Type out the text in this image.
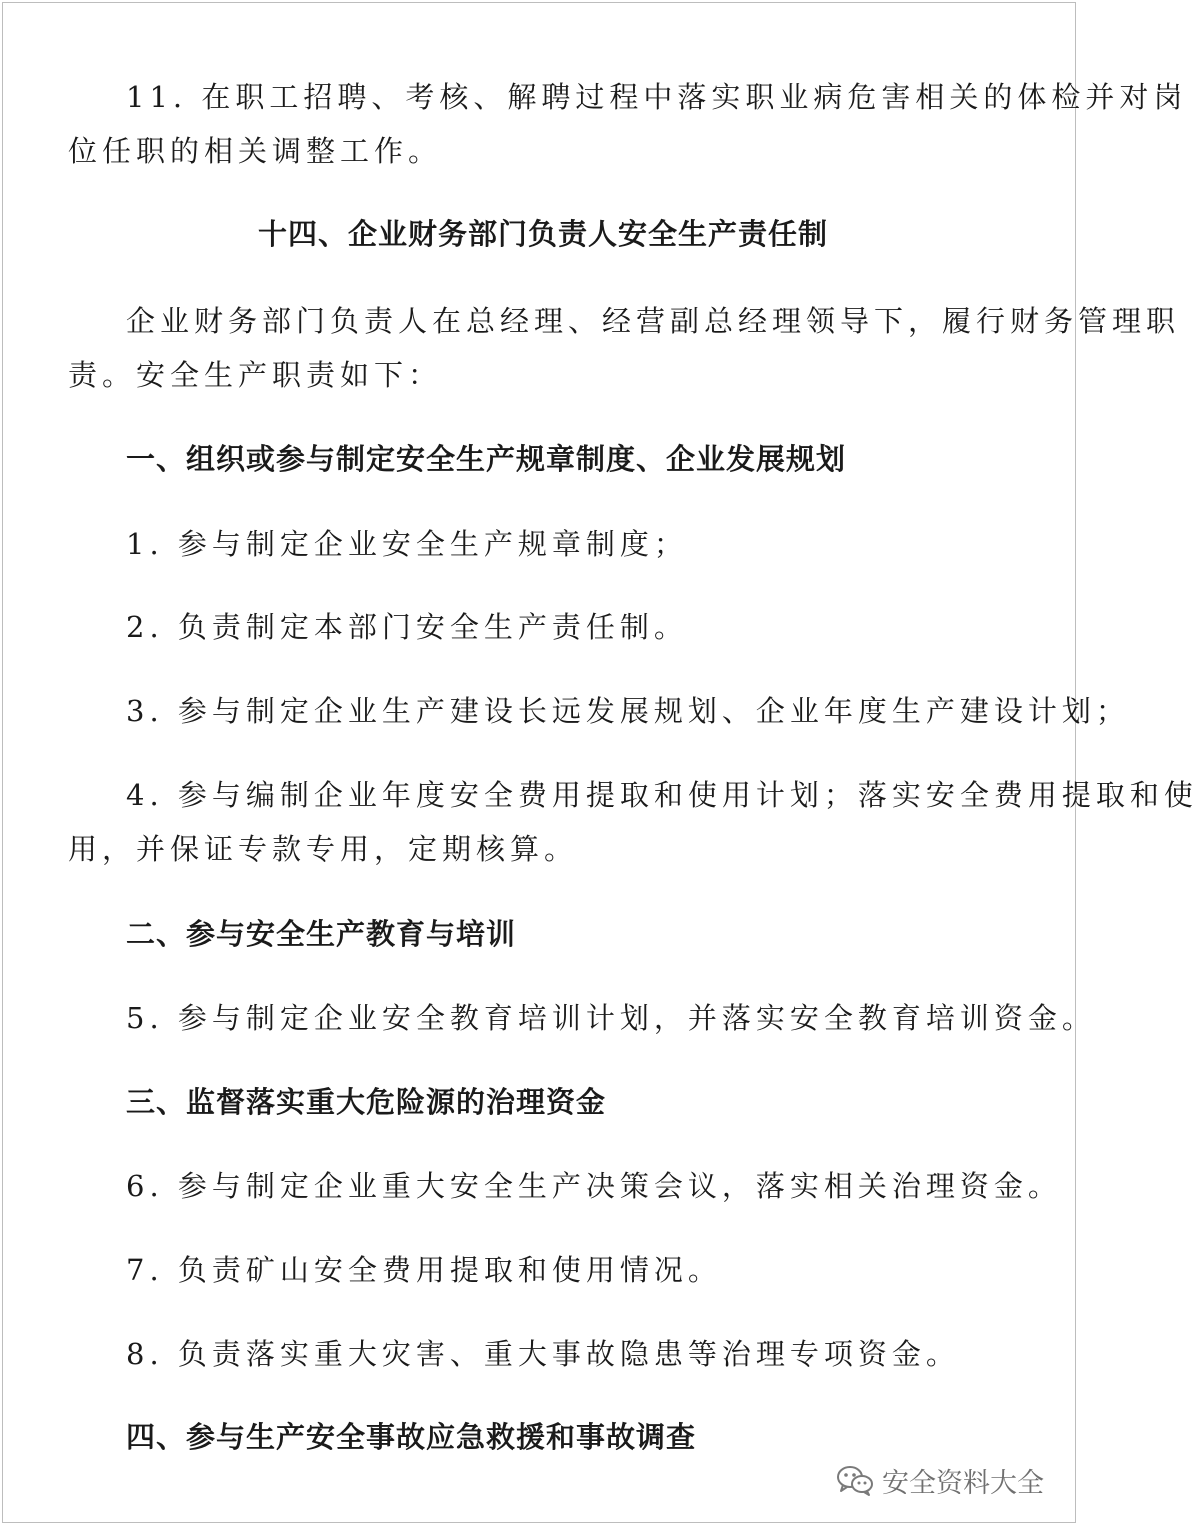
11. 在职工招聘、考核、解聘过程中落实职业病危害相关的体检并对岗
位任职的相关调整工作。
十四、企业财务部门负责人安全生产责任制
企业财务部门负责人在总经理、经营副总经理领导下，履行财务管理职
责。安全生产职责如下：
一、组织或参与制定安全生产规章制度、企业发展规划
1. 参与制定企业安全生产规章制度；
2. 负责制定本部门安全生产责任制。
3. 参与制定企业生产建设长远发展规划、企业年度生产建设计划；
4. 参与编制企业年度安全费用提取和使用计划；落实安全费用提取和使
用，并保证专款专用，定期核算。
二、参与安全生产教育与培训
5. 参与制定企业安全教育培训计划，并落实安全教育培训资金。
三、监督落实重大危险源的治理资金
6. 参与制定企业重大安全生产决策会议，落实相关治理资金。
7. 负责矿山安全费用提取和使用情况。
8. 负责落实重大灾害、重大事故隐患等治理专项资金。
四、参与生产安全事故应急救援和事故调查
安全资料大全
